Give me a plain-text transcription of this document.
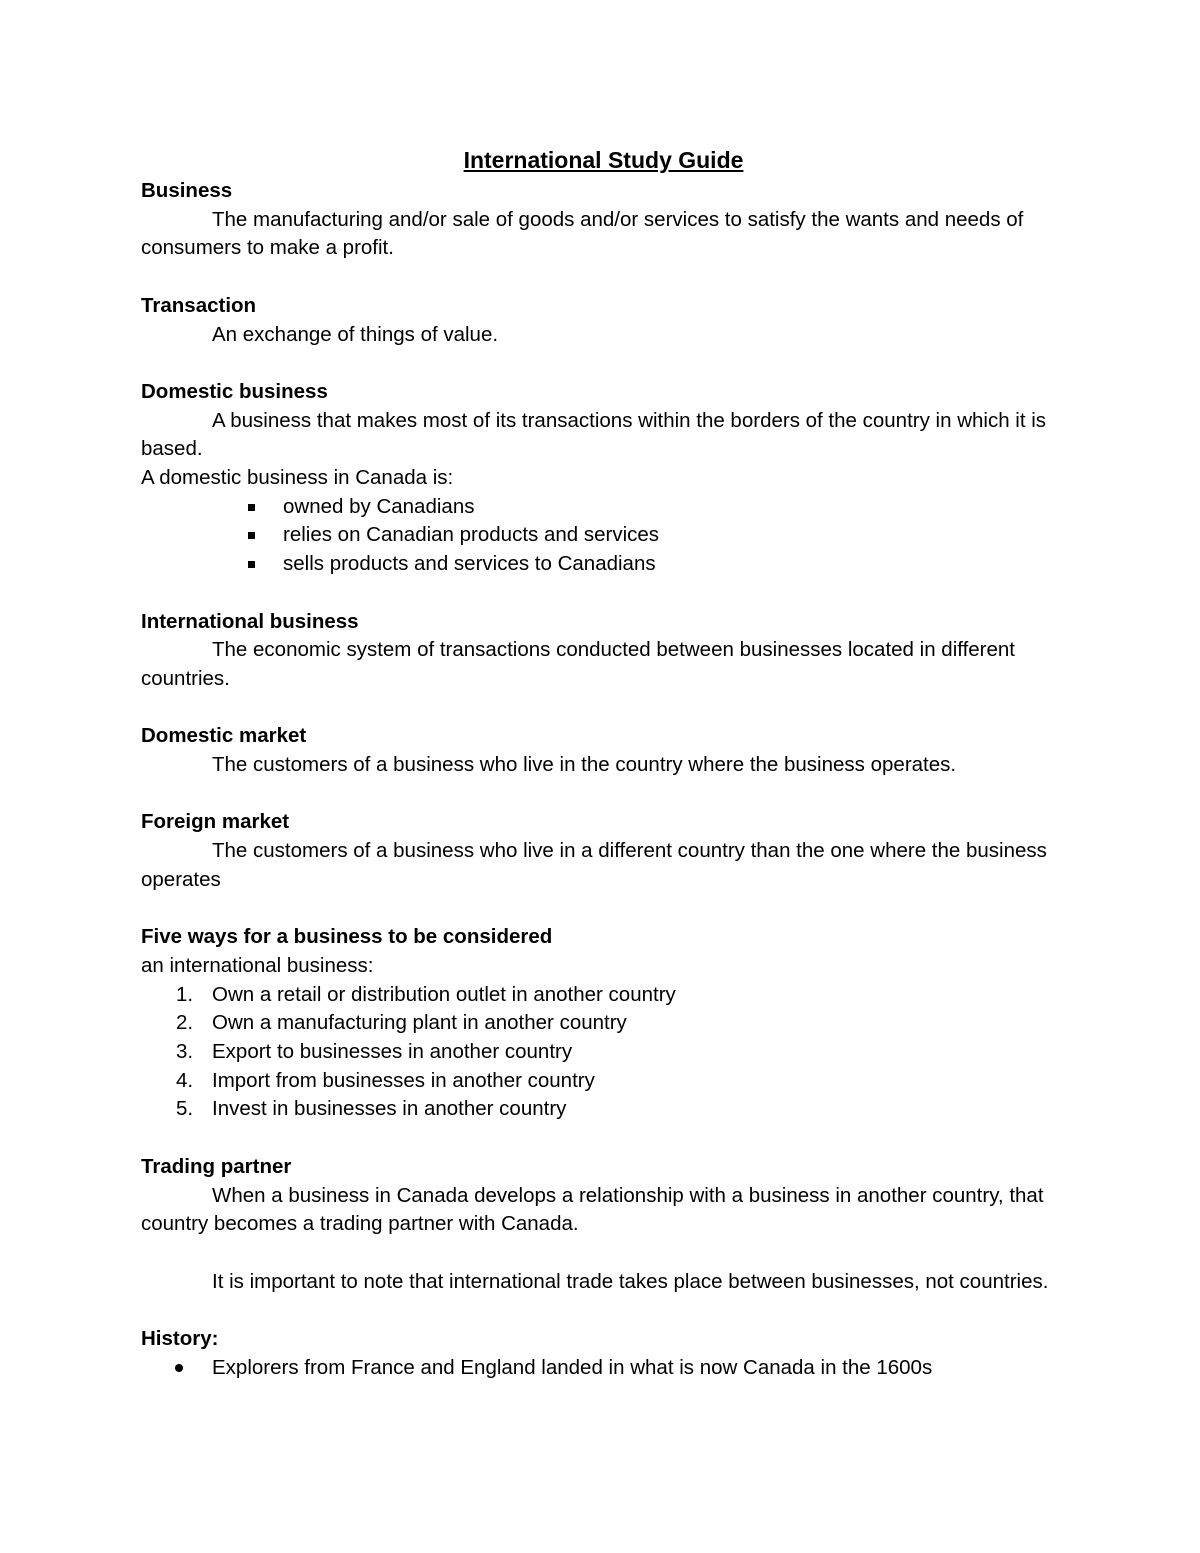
International Study Guide

Business

The manufacturing and/or sale of goods and/or services to satisfy the wants and needs of consumers to make a profit.

Transaction

An exchange of things of value.

Domestic business

A business that makes most of its transactions within the borders of the country in which it is based.

A domestic business in Canada is:

owned by Canadians
relies on Canadian products and services
sells products and services to Canadians

International business

The economic system of transactions conducted between businesses located in different countries.

Domestic market

The customers of a business who live in the country where the business operates.

Foreign market

The customers of a business who live in a different country than the one where the business operates

Five ways for a business to be considered

an international business:

1. Own a retail or distribution outlet in another country
2. Own a manufacturing plant in another country
3. Export to businesses in another country
4. Import from businesses in another country
5. Invest in businesses in another country

Trading partner

When a business in Canada develops a relationship with a business in another country, that country becomes a trading partner with Canada.

It is important to note that international trade takes place between businesses, not countries.

History:

Explorers from France and England landed in what is now Canada in the 1600s
